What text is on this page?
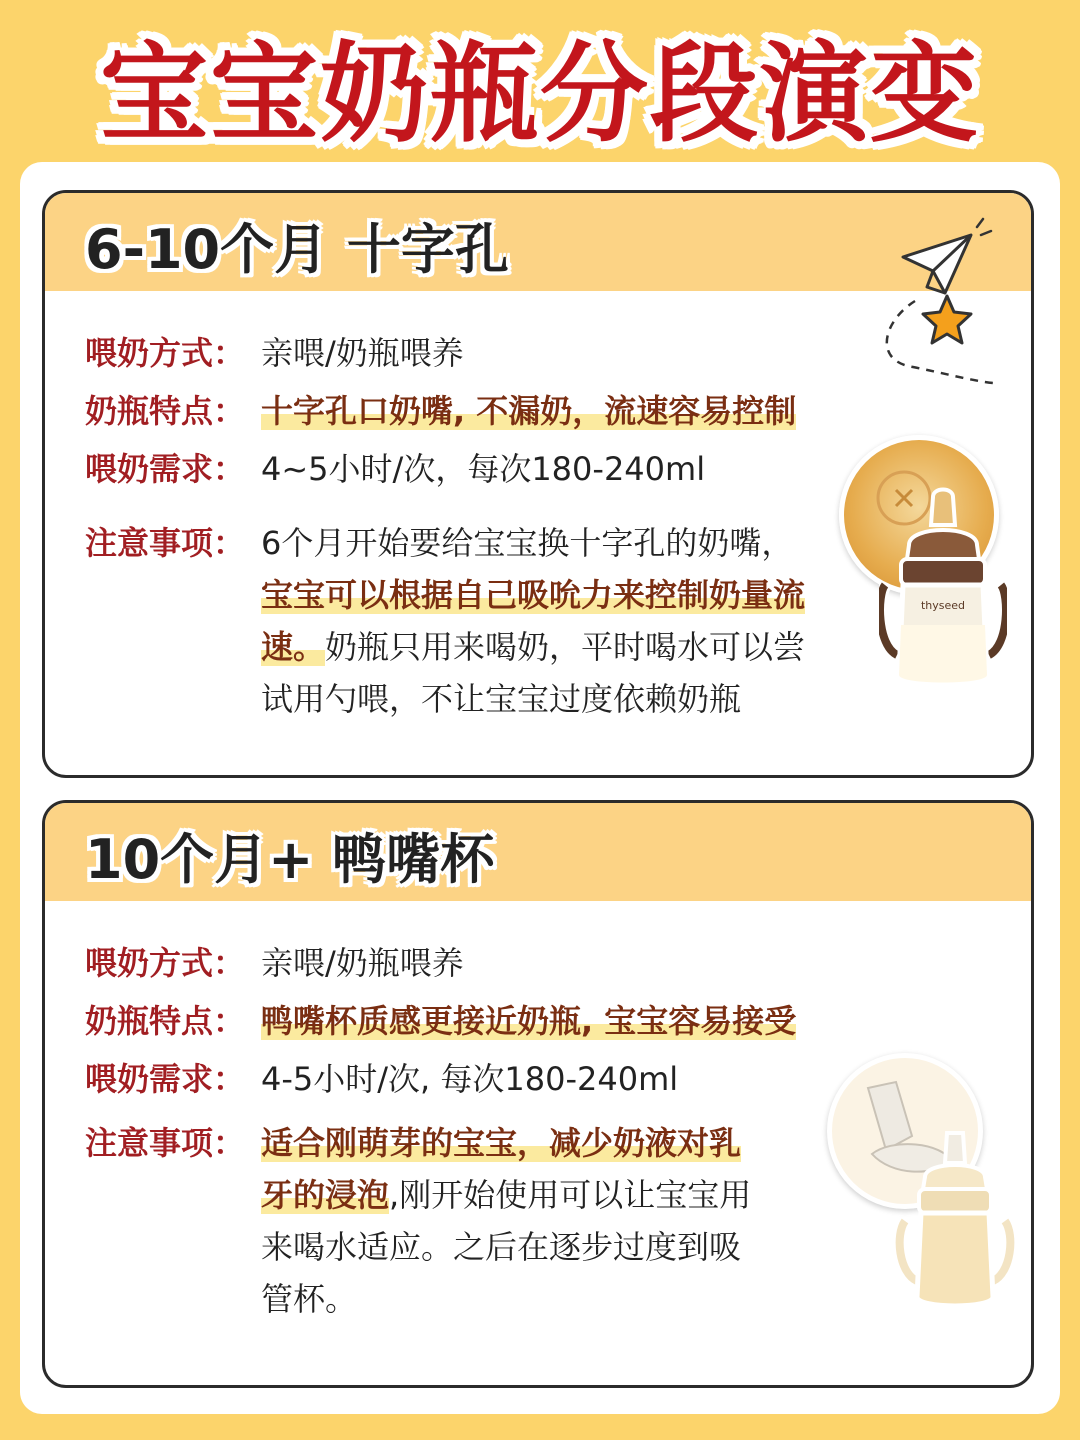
宝宝奶瓶分段演变
6-10个月 十字孔
喂奶方式： 亲喂/奶瓶喂养
奶瓶特点： 十字孔口奶嘴, 不漏奶，流速容易控制
喂奶需求： 4~5小时/次，每次180-240ml
注意事项： 6个月开始要给宝宝换十字孔的奶嘴，
宝宝可以根据自己吸吮力来控制奶量流
速。奶瓶只用来喝奶，平时喝水可以尝
试用勺喂，不让宝宝过度依赖奶瓶
thyseed
10个月+ 鸭嘴杯
喂奶方式： 亲喂/奶瓶喂养
奶瓶特点： 鸭嘴杯质感更接近奶瓶, 宝宝容易接受
喂奶需求： 4-5小时/次, 每次180-240ml
注意事项： 适合刚萌芽的宝宝，减少奶液对乳
牙的浸泡,刚开始使用可以让宝宝用
来喝水适应。之后在逐步过度到吸
管杯。
